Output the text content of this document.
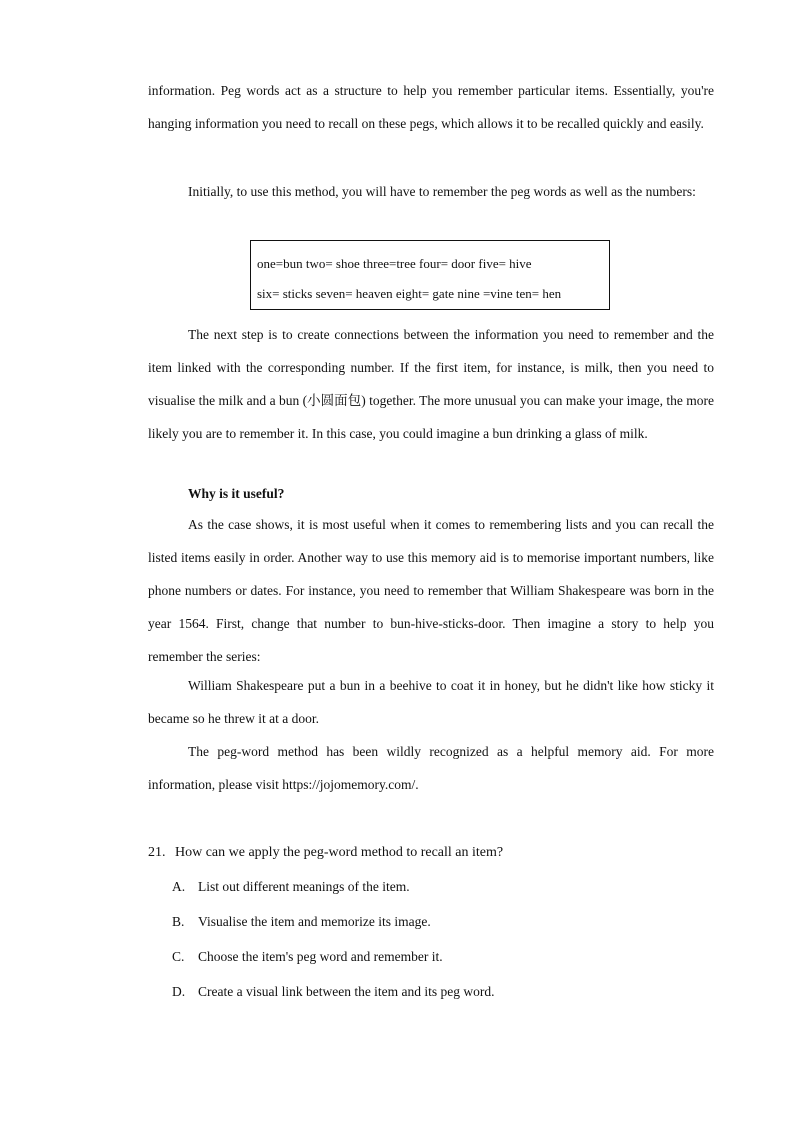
information. Peg words act as a structure to help you remember particular items. Essentially, you're hanging information you need to recall on these pegs, which allows it to be recalled quickly and easily.

Initially, to use this method, you will have to remember the peg words as well as the numbers:

one=bun two= shoe three=tree four= door five= hive
six= sticks seven= heaven eight= gate nine =vine ten= hen

The next step is to create connections between the information you need to remember and the item linked with the corresponding number. If the first item, for instance, is milk, then you need to visualise the milk and a bun (小圆面包) together. The more unusual you can make your image, the more likely you are to remember it. In this case, you could imagine a bun drinking a glass of milk.

Why is it useful?

As the case shows, it is most useful when it comes to remembering lists and you can recall the listed items easily in order. Another way to use this memory aid is to memorise important numbers, like phone numbers or dates. For instance, you need to remember that William Shakespeare was born in the year 1564. First, change that number to bun-hive-sticks-door. Then imagine a story to help you remember the series:

William Shakespeare put a bun in a beehive to coat it in honey, but he didn't like how sticky it became so he threw it at a door.

The peg-word method has been wildly recognized as a helpful memory aid. For more information, please visit https://jojomemory.com/.

21. How can we apply the peg-word method to recall an item?
A. List out different meanings of the item.
B. Visualise the item and memorize its image.
C. Choose the item's peg word and remember it.
D. Create a visual link between the item and its peg word.
